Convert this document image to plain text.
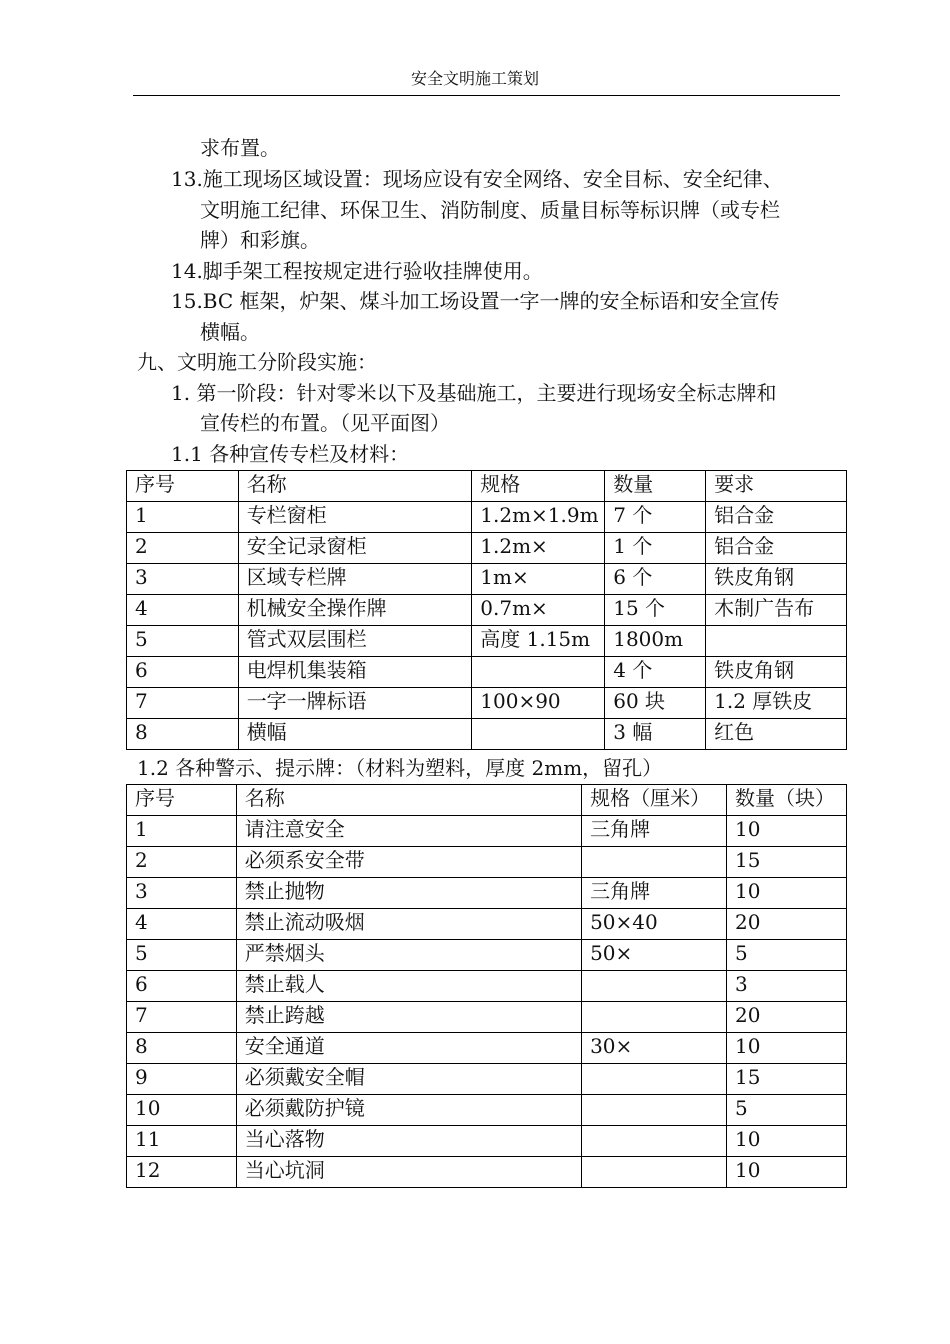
安全文明施工策划
求布置。
13.施工现场区域设置：现场应设有安全网络、安全目标、安全纪律、
文明施工纪律、环保卫生、消防制度、质量目标等标识牌（或专栏
牌）和彩旗。
14.脚手架工程按规定进行验收挂牌使用。
15.BC 框架，炉架、煤斗加工场设置一字一牌的安全标语和安全宣传
横幅。
九、文明施工分阶段实施：
1. 第一阶段：针对零米以下及基础施工，主要进行现场安全标志牌和
宣传栏的布置。（见平面图）
1.1 各种宣传专栏及材料：
序号	名称	规格	数量	要求
1	专栏窗柜	1.2m×1.9m	7 个	铝合金
2	安全记录窗柜	1.2m×	1 个	铝合金
3	区域专栏牌	1m×	6 个	铁皮角钢
4	机械安全操作牌	0.7m×	15 个	木制广告布
5	管式双层围栏	高度 1.15m	1800m	
6	电焊机集装箱		4 个	铁皮角钢
7	一字一牌标语	100×90	60 块	1.2 厚铁皮
8	横幅		3 幅	红色
1.2 各种警示、提示牌：（材料为塑料，厚度 2mm，留孔）
序号	名称	规格（厘米）	数量（块）
1	请注意安全	三角牌	10
2	必须系安全带		15
3	禁止抛物	三角牌	10
4	禁止流动吸烟	50×40	20
5	严禁烟头	50×	5
6	禁止载人		3
7	禁止跨越		20
8	安全通道	30×	10
9	必须戴安全帽		15
10	必须戴防护镜		5
11	当心落物		10
12	当心坑洞		10
